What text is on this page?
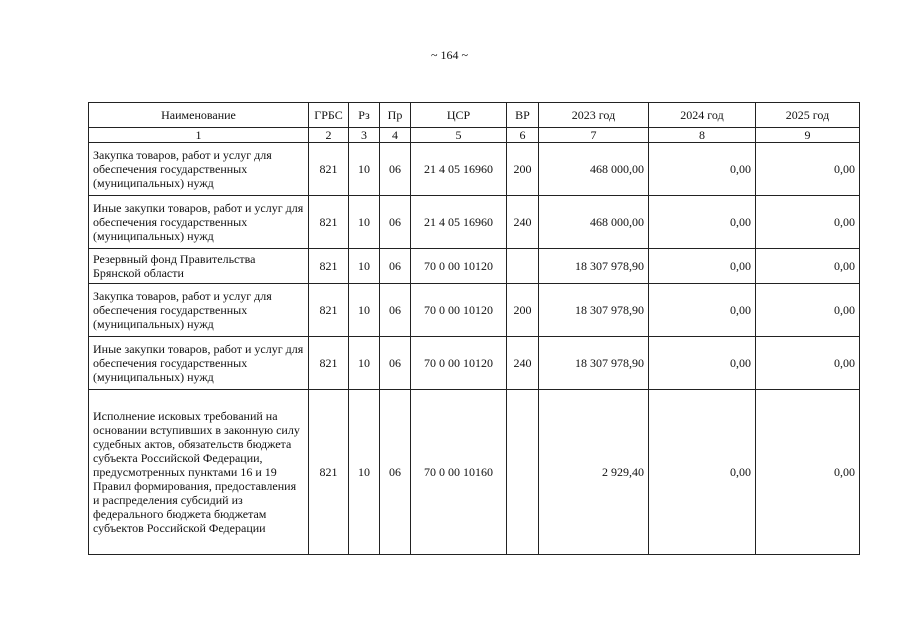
~ 164 ~
Наименование	ГРБС	Рз	Пр	ЦСР	ВР	2023 год	2024 год	2025 год
1	2	3	4	5	6	7	8	9
Закупка товаров, работ и услуг для обеспечения государственных (муниципальных) нужд	821	10	06	21 4 05 16960	200	468 000,00	0,00	0,00
Иные закупки товаров, работ и услуг для обеспечения государственных (муниципальных) нужд	821	10	06	21 4 05 16960	240	468 000,00	0,00	0,00
Резервный фонд Правительства Брянской области	821	10	06	70 0 00 10120		18 307 978,90	0,00	0,00
Закупка товаров, работ и услуг для обеспечения государственных (муниципальных) нужд	821	10	06	70 0 00 10120	200	18 307 978,90	0,00	0,00
Иные закупки товаров, работ и услуг для обеспечения государственных (муниципальных) нужд	821	10	06	70 0 00 10120	240	18 307 978,90	0,00	0,00
Исполнение исковых требований на основании вступивших в законную силу судебных актов, обязательств бюджета субъекта Российской Федерации, предусмотренных пунктами 16 и 19 Правил формирования, предоставления и распределения субсидий из федерального бюджета бюджетам субъектов Российской Федерации	821	10	06	70 0 00 10160		2 929,40	0,00	0,00
